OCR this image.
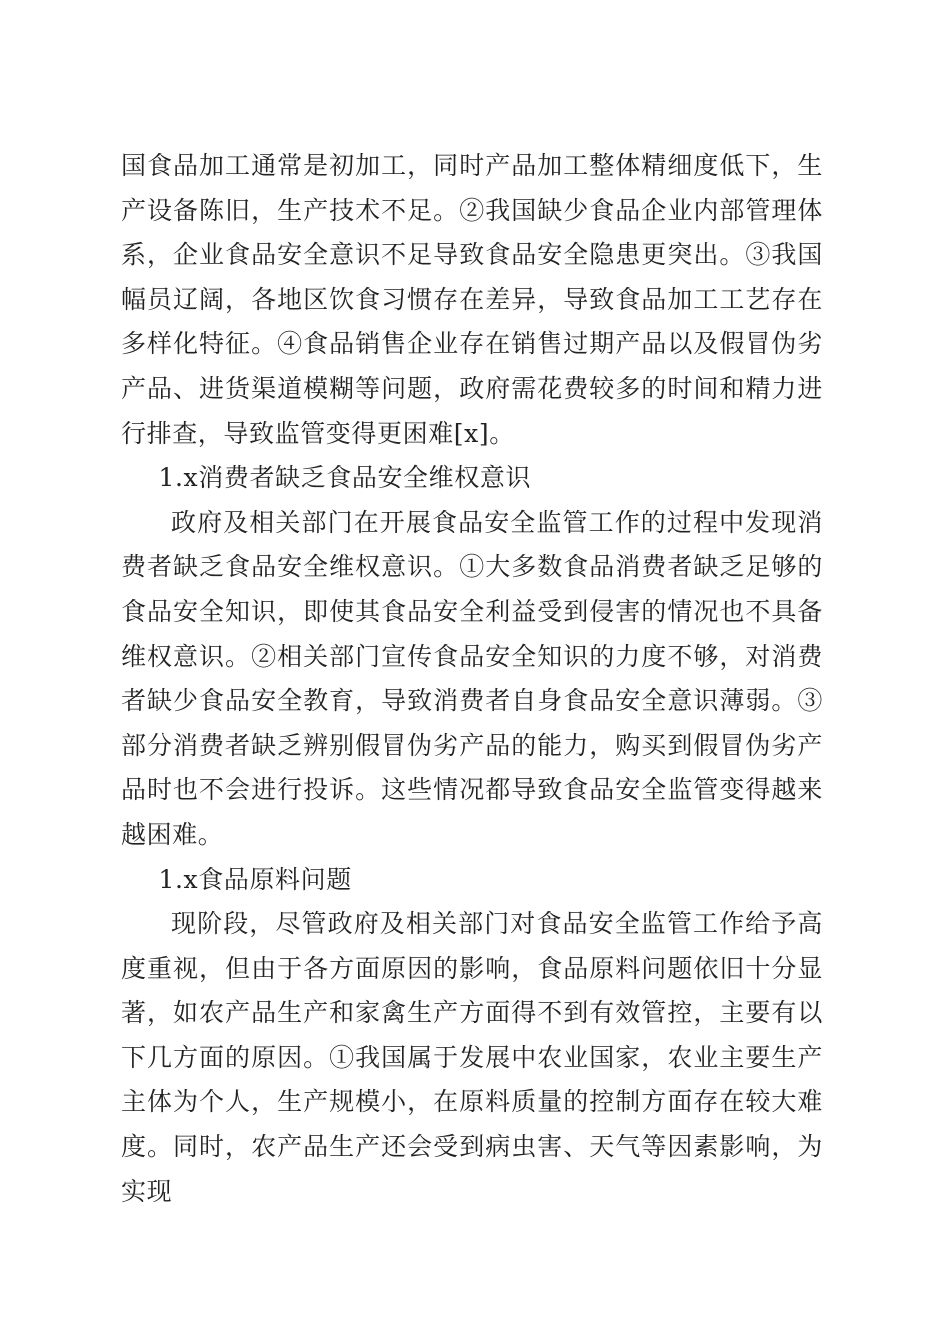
国食品加工通常是初加工，同时产品加工整体精细度低下，生产设备陈旧，生产技术不足。②我国缺少食品企业内部管理体系，企业食品安全意识不足导致食品安全隐患更突出。③我国幅员辽阔，各地区饮食习惯存在差异，导致食品加工工艺存在多样化特征。④食品销售企业存在销售过期产品以及假冒伪劣产品、进货渠道模糊等问题，政府需花费较多的时间和精力进行排查，导致监管变得更困难[x]。

1.x消费者缺乏食品安全维权意识

政府及相关部门在开展食品安全监管工作的过程中发现消费者缺乏食品安全维权意识。①大多数食品消费者缺乏足够的食品安全知识，即使其食品安全利益受到侵害的情况也不具备维权意识。②相关部门宣传食品安全知识的力度不够，对消费者缺少食品安全教育，导致消费者自身食品安全意识薄弱。③部分消费者缺乏辨别假冒伪劣产品的能力，购买到假冒伪劣产品时也不会进行投诉。这些情况都导致食品安全监管变得越来越困难。

1.x食品原料问题

现阶段，尽管政府及相关部门对食品安全监管工作给予高度重视，但由于各方面原因的影响，食品原料问题依旧十分显著，如农产品生产和家禽生产方面得不到有效管控，主要有以下几方面的原因。①我国属于发展中农业国家，农业主要生产主体为个人，生产规模小，在原料质量的控制方面存在较大难度。同时，农产品生产还会受到病虫害、天气等因素影响，为实现
